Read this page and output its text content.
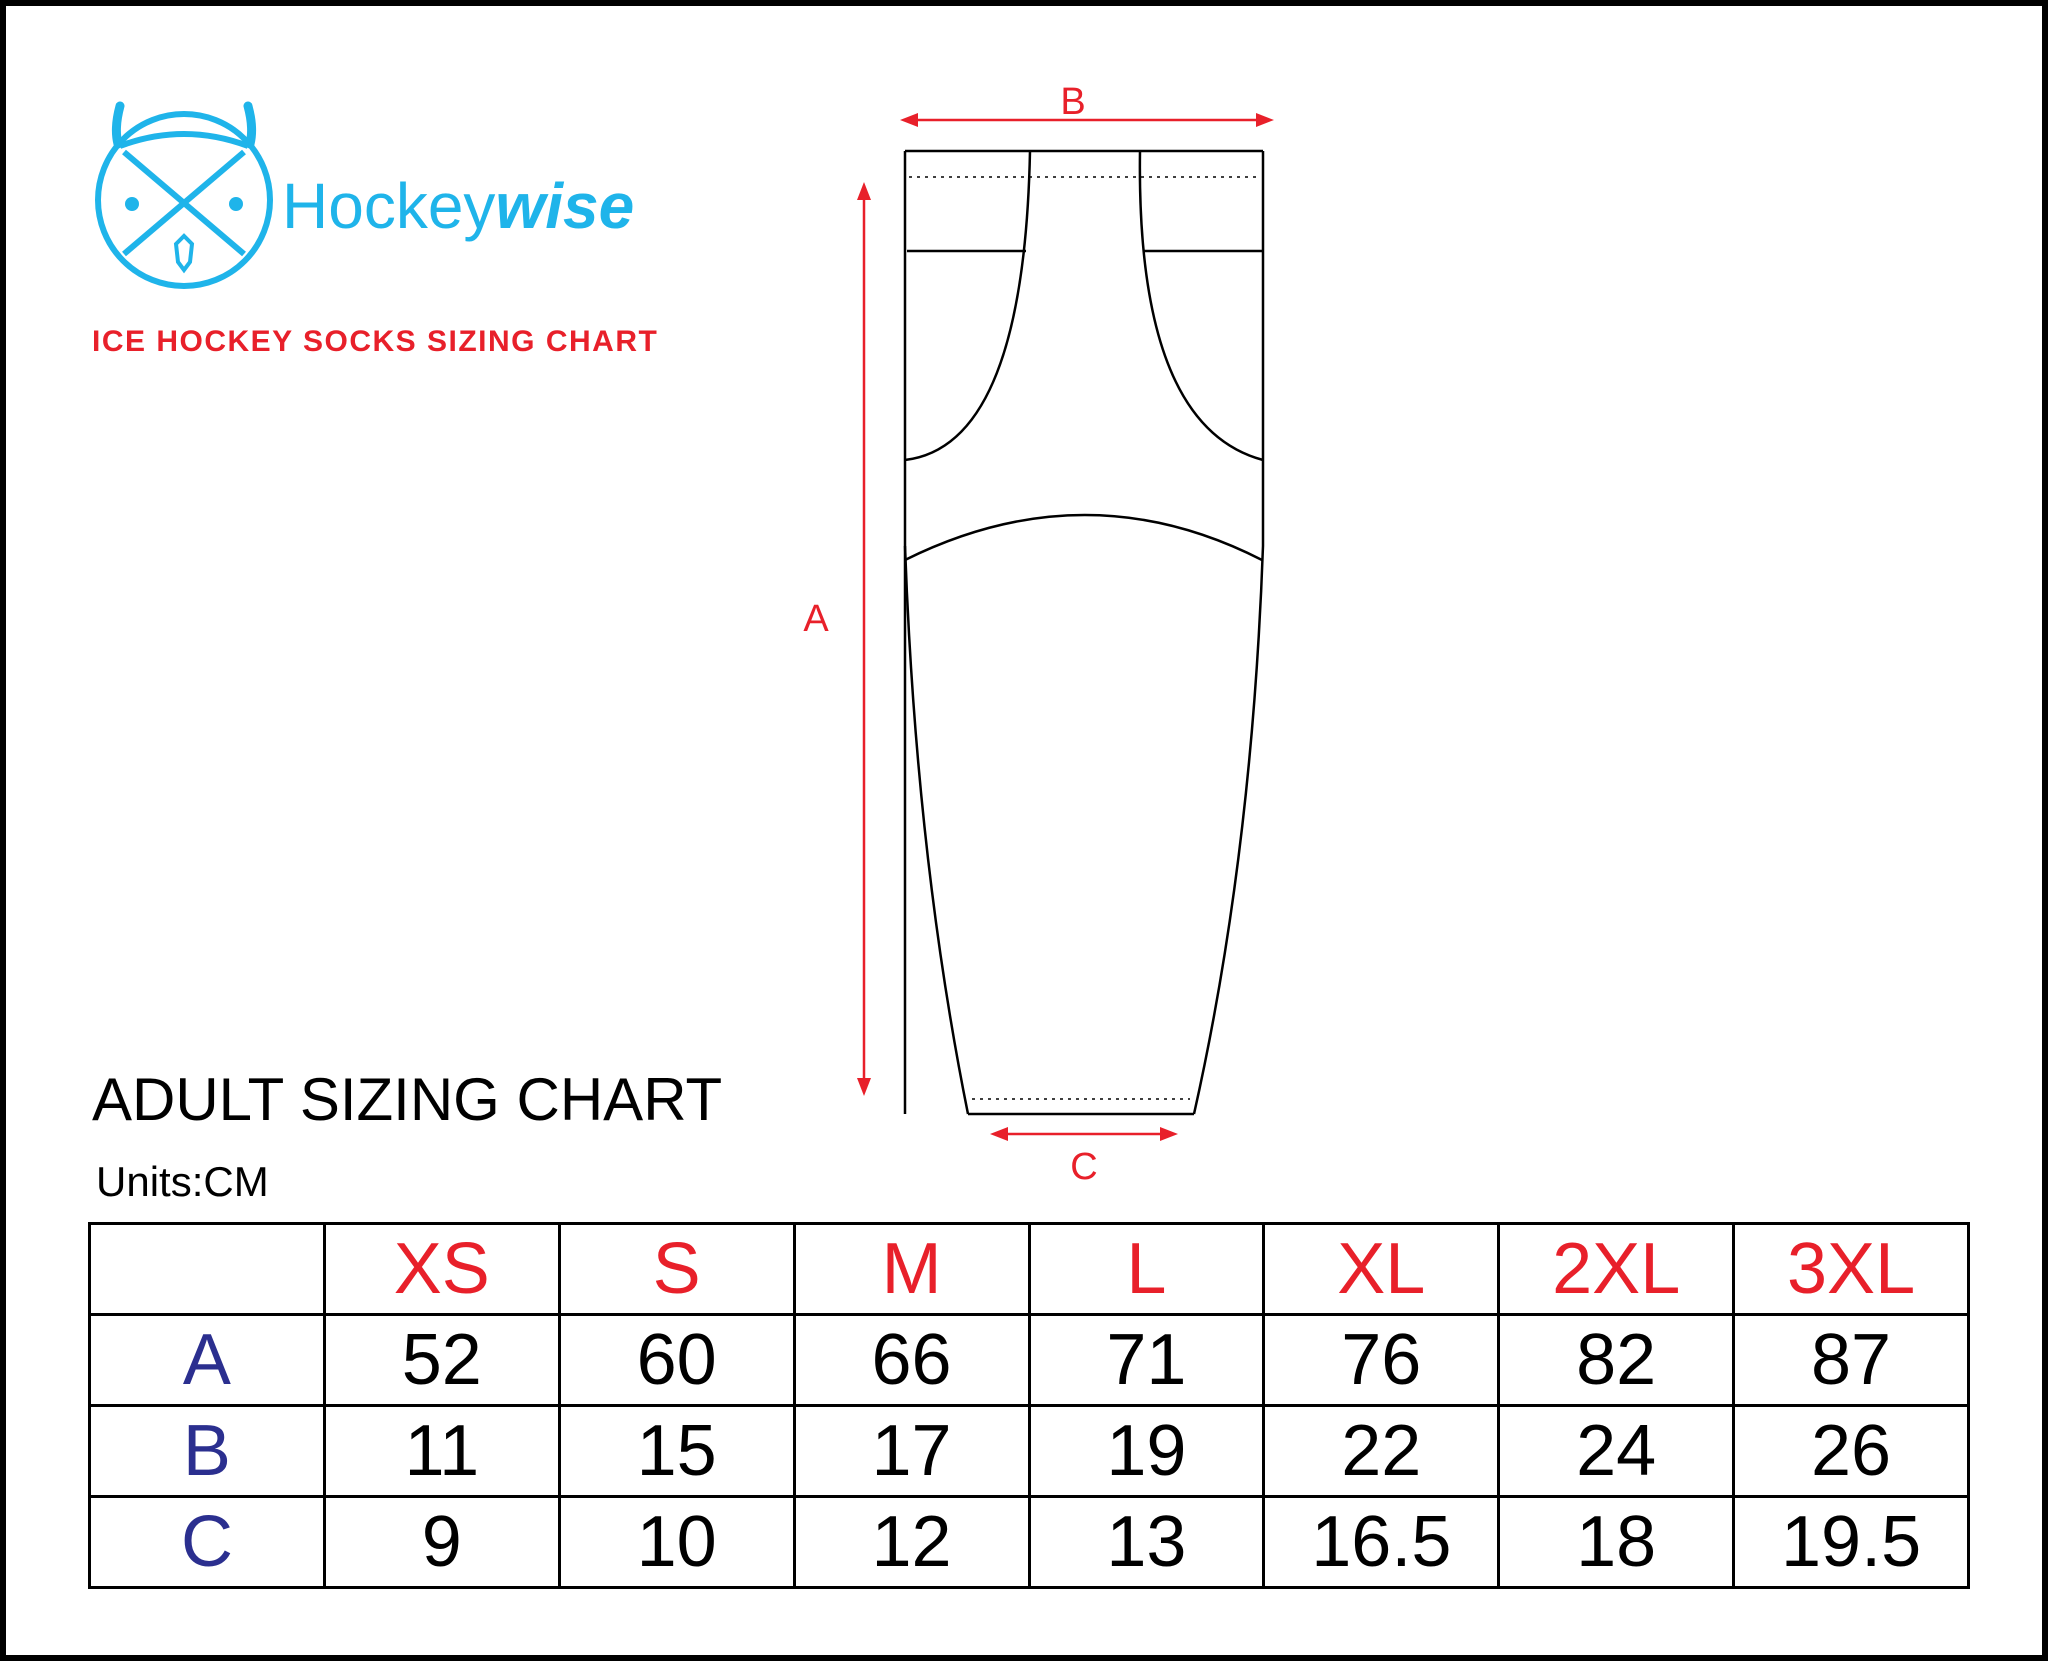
Hockeywise
ICE HOCKEY SOCKS SIZING CHART
B
A
C
ADULT SIZING CHART
Units:CM
	XS	S	M	L	XL	2XL	3XL
A	52	60	66	71	76	82	87
B	11	15	17	19	22	24	26
C	9	10	12	13	16.5	18	19.5
